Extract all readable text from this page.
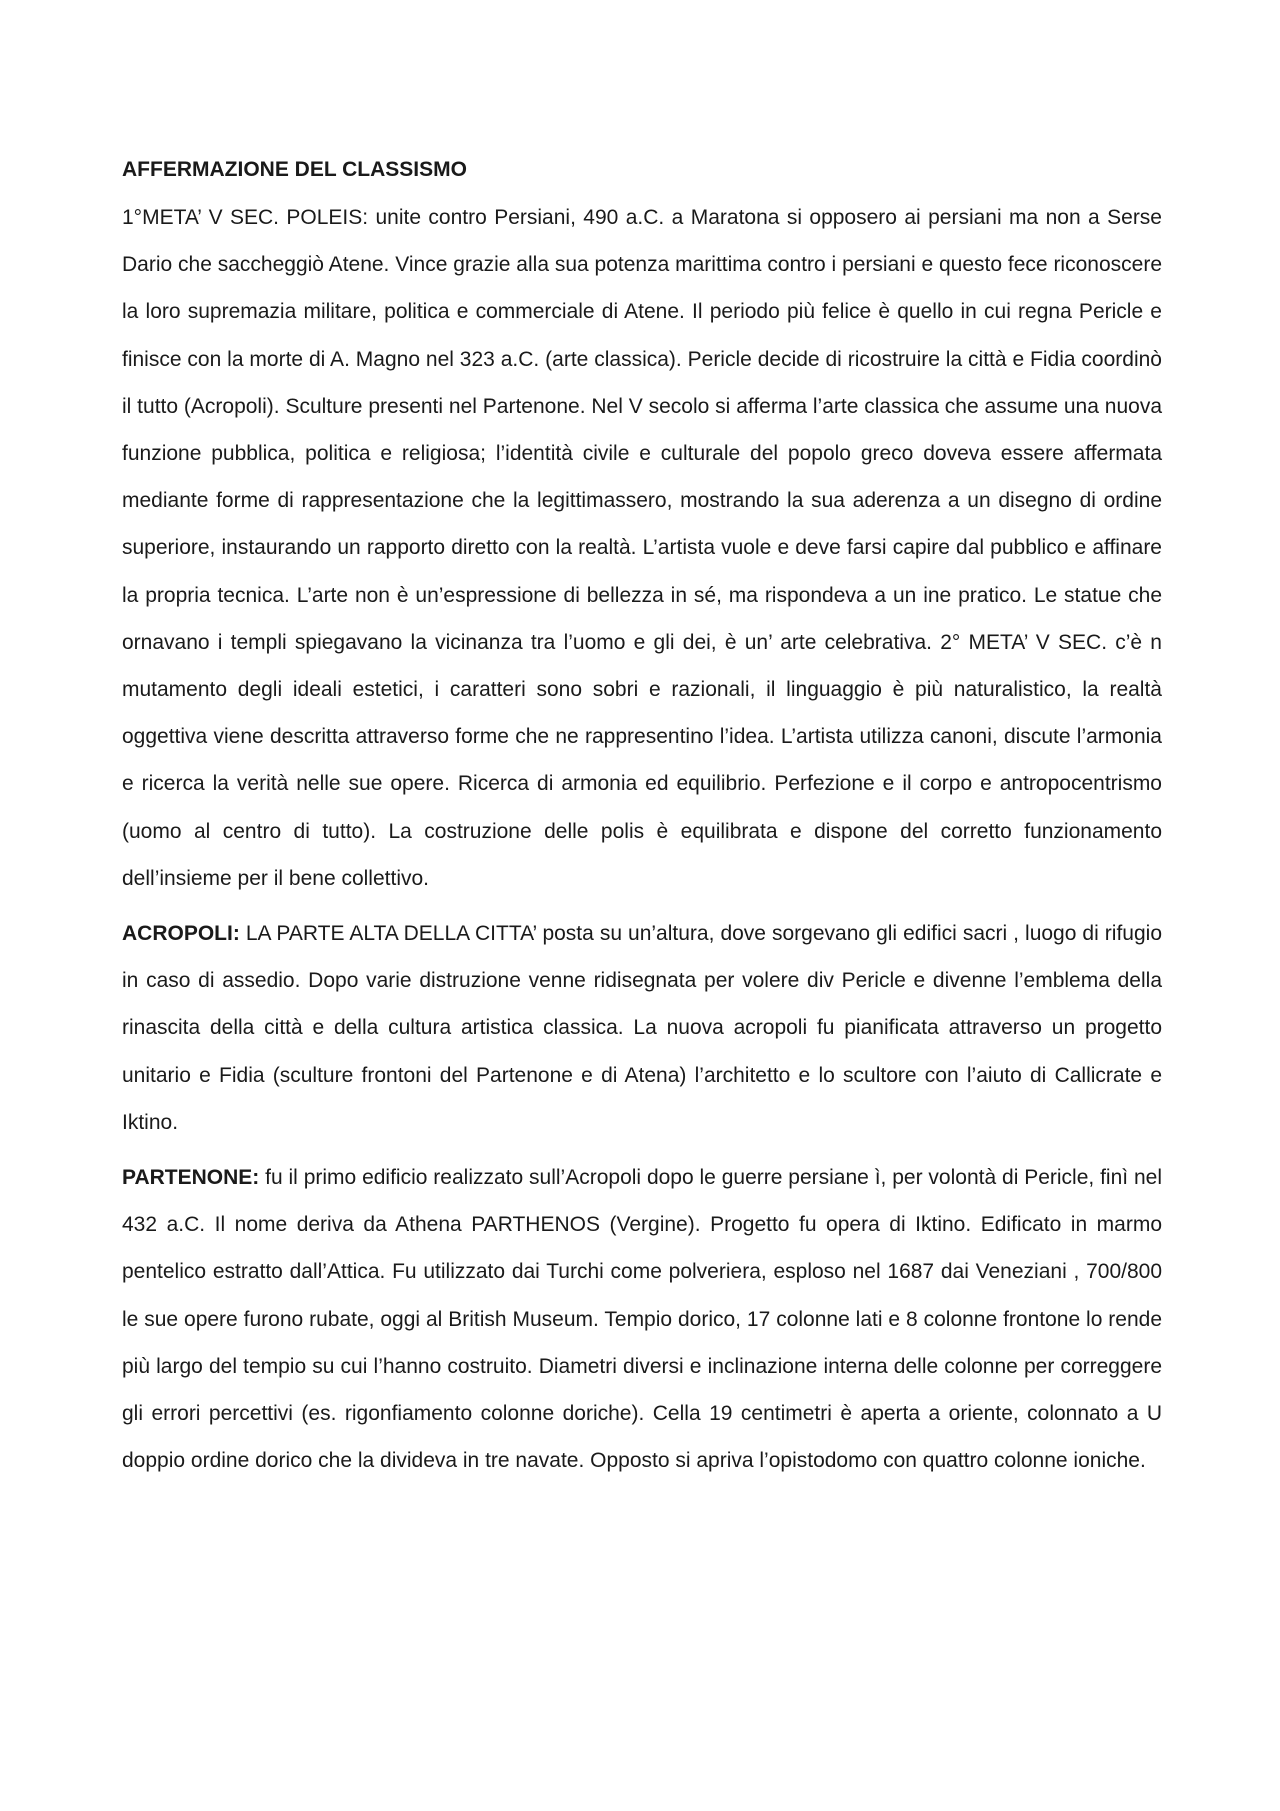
AFFERMAZIONE DEL CLASSISMO

1°META’ V SEC. POLEIS: unite contro Persiani, 490 a.C. a Maratona si opposero ai persiani ma non a Serse Dario che saccheggiò Atene. Vince grazie alla sua potenza marittima contro i persiani e questo fece riconoscere la loro supremazia militare, politica e commerciale di Atene. Il periodo più felice è quello in cui regna Pericle e finisce con la morte di A. Magno nel 323 a.C. (arte classica). Pericle decide di ricostruire la città e Fidia coordinò il tutto (Acropoli). Sculture presenti nel Partenone. Nel V secolo si afferma l’arte classica che assume una nuova funzione pubblica, politica e religiosa; l’identità civile e culturale del popolo greco doveva essere affermata mediante forme di rappresentazione che la legittimassero, mostrando la sua aderenza a un disegno di ordine superiore, instaurando un rapporto diretto con la realtà. L’artista vuole e deve farsi capire dal pubblico e affinare la propria tecnica. L’arte non è un’espressione di bellezza in sé, ma rispondeva a un ine pratico. Le statue che ornavano i templi spiegavano la vicinanza tra l’uomo e gli dei, è un’ arte celebrativa. 2° META’ V SEC. c’è n mutamento degli ideali estetici, i caratteri sono sobri e razionali, il linguaggio è più naturalistico, la realtà oggettiva viene descritta attraverso forme che ne rappresentino l’idea. L’artista utilizza canoni, discute l’armonia e ricerca la verità nelle sue opere. Ricerca di armonia ed equilibrio. Perfezione e il corpo e antropocentrismo (uomo al centro di tutto). La costruzione delle polis è equilibrata e dispone del corretto funzionamento dell’insieme per il bene collettivo.

ACROPOLI: LA PARTE ALTA DELLA CITTA’ posta su un’altura, dove sorgevano gli edifici sacri , luogo di rifugio in caso di assedio. Dopo varie distruzione venne ridisegnata per volere div Pericle e divenne l’emblema della rinascita della città e della cultura artistica classica. La nuova acropoli fu pianificata attraverso un progetto unitario e Fidia (sculture frontoni del Partenone e di Atena) l’architetto e lo scultore con l’aiuto di Callicrate e Iktino.

PARTENONE: fu il primo edificio realizzato sull’Acropoli dopo le guerre persiane ì, per volontà di Pericle, finì nel 432 a.C. Il nome deriva da Athena PARTHENOS (Vergine). Progetto fu opera di Iktino. Edificato in marmo pentelico estratto dall’Attica. Fu utilizzato dai Turchi come polveriera, esploso nel 1687 dai Veneziani , 700/800 le sue opere furono rubate, oggi al British Museum. Tempio dorico, 17 colonne lati e 8 colonne frontone lo rende più largo del tempio su cui l’hanno costruito. Diametri diversi e inclinazione interna delle colonne per correggere gli errori percettivi (es. rigonfiamento colonne doriche). Cella 19 centimetri è aperta a oriente, colonnato a U doppio ordine dorico che la divideva in tre navate. Opposto si apriva l’opistodomo con quattro colonne ioniche.
